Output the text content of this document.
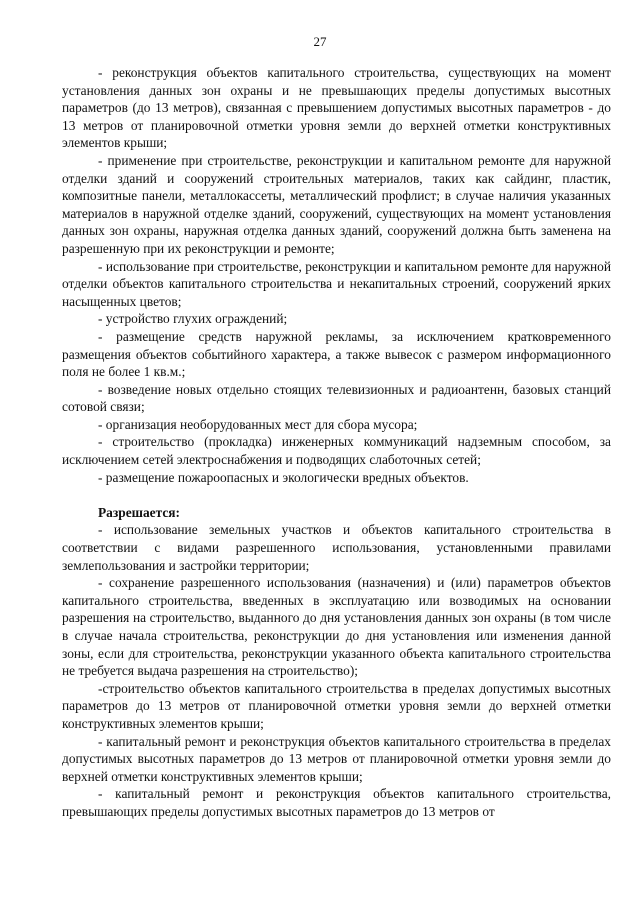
27

- реконструкция объектов капитального строительства, существующих на момент установления данных зон охраны и не превышающих пределы допустимых высотных параметров (до 13 метров), связанная с превышением допустимых высотных параметров - до 13 метров от планировочной отметки уровня земли до верхней отметки конструктивных элементов крыши;

- применение при строительстве, реконструкции и капитальном ремонте для наружной отделки зданий и сооружений строительных материалов, таких как сайдинг, пластик, композитные панели, металлокассеты, металлический профлист; в случае наличия указанных материалов в наружной отделке зданий, сооружений, существующих на момент установления данных зон охраны, наружная отделка данных зданий, сооружений должна быть заменена на разрешенную при их реконструкции и ремонте;

- использование при строительстве, реконструкции и капитальном ремонте для наружной отделки объектов капитального строительства и некапитальных строений, сооружений ярких насыщенных цветов;

- устройство глухих ограждений;

- размещение средств наружной рекламы, за исключением кратковременного размещения объектов событийного характера, а также вывесок с размером информационного поля не более 1 кв.м.;

- возведение новых отдельно стоящих телевизионных и радиоантенн, базовых станций сотовой связи;

- организация необорудованных мест для сбора мусора;

- строительство (прокладка) инженерных коммуникаций надземным способом, за исключением сетей электроснабжения и подводящих слаботочных сетей;

- размещение пожароопасных и экологически вредных объектов.

Разрешается:

- использование земельных участков и объектов капитального строительства в соответствии с видами разрешенного использования, установленными правилами землепользования и застройки территории;

- сохранение разрешенного использования (назначения) и (или) параметров объектов капитального строительства, введенных в эксплуатацию или возводимых на основании разрешения на строительство, выданного до дня установления данных зон охраны (в том числе в случае начала строительства, реконструкции до дня установления или изменения данной зоны, если для строительства, реконструкции указанного объекта капитального строительства не требуется выдача разрешения на строительство);

-строительство объектов капитального строительства в пределах допустимых высотных параметров до 13 метров от планировочной отметки уровня земли до верхней отметки конструктивных элементов крыши;

- капитальный ремонт и реконструкция объектов капитального строительства в пределах допустимых высотных параметров до 13 метров от планировочной отметки уровня земли до верхней отметки конструктивных элементов крыши;

- капитальный ремонт и реконструкция объектов капитального строительства, превышающих пределы допустимых высотных параметров до 13 метров от
